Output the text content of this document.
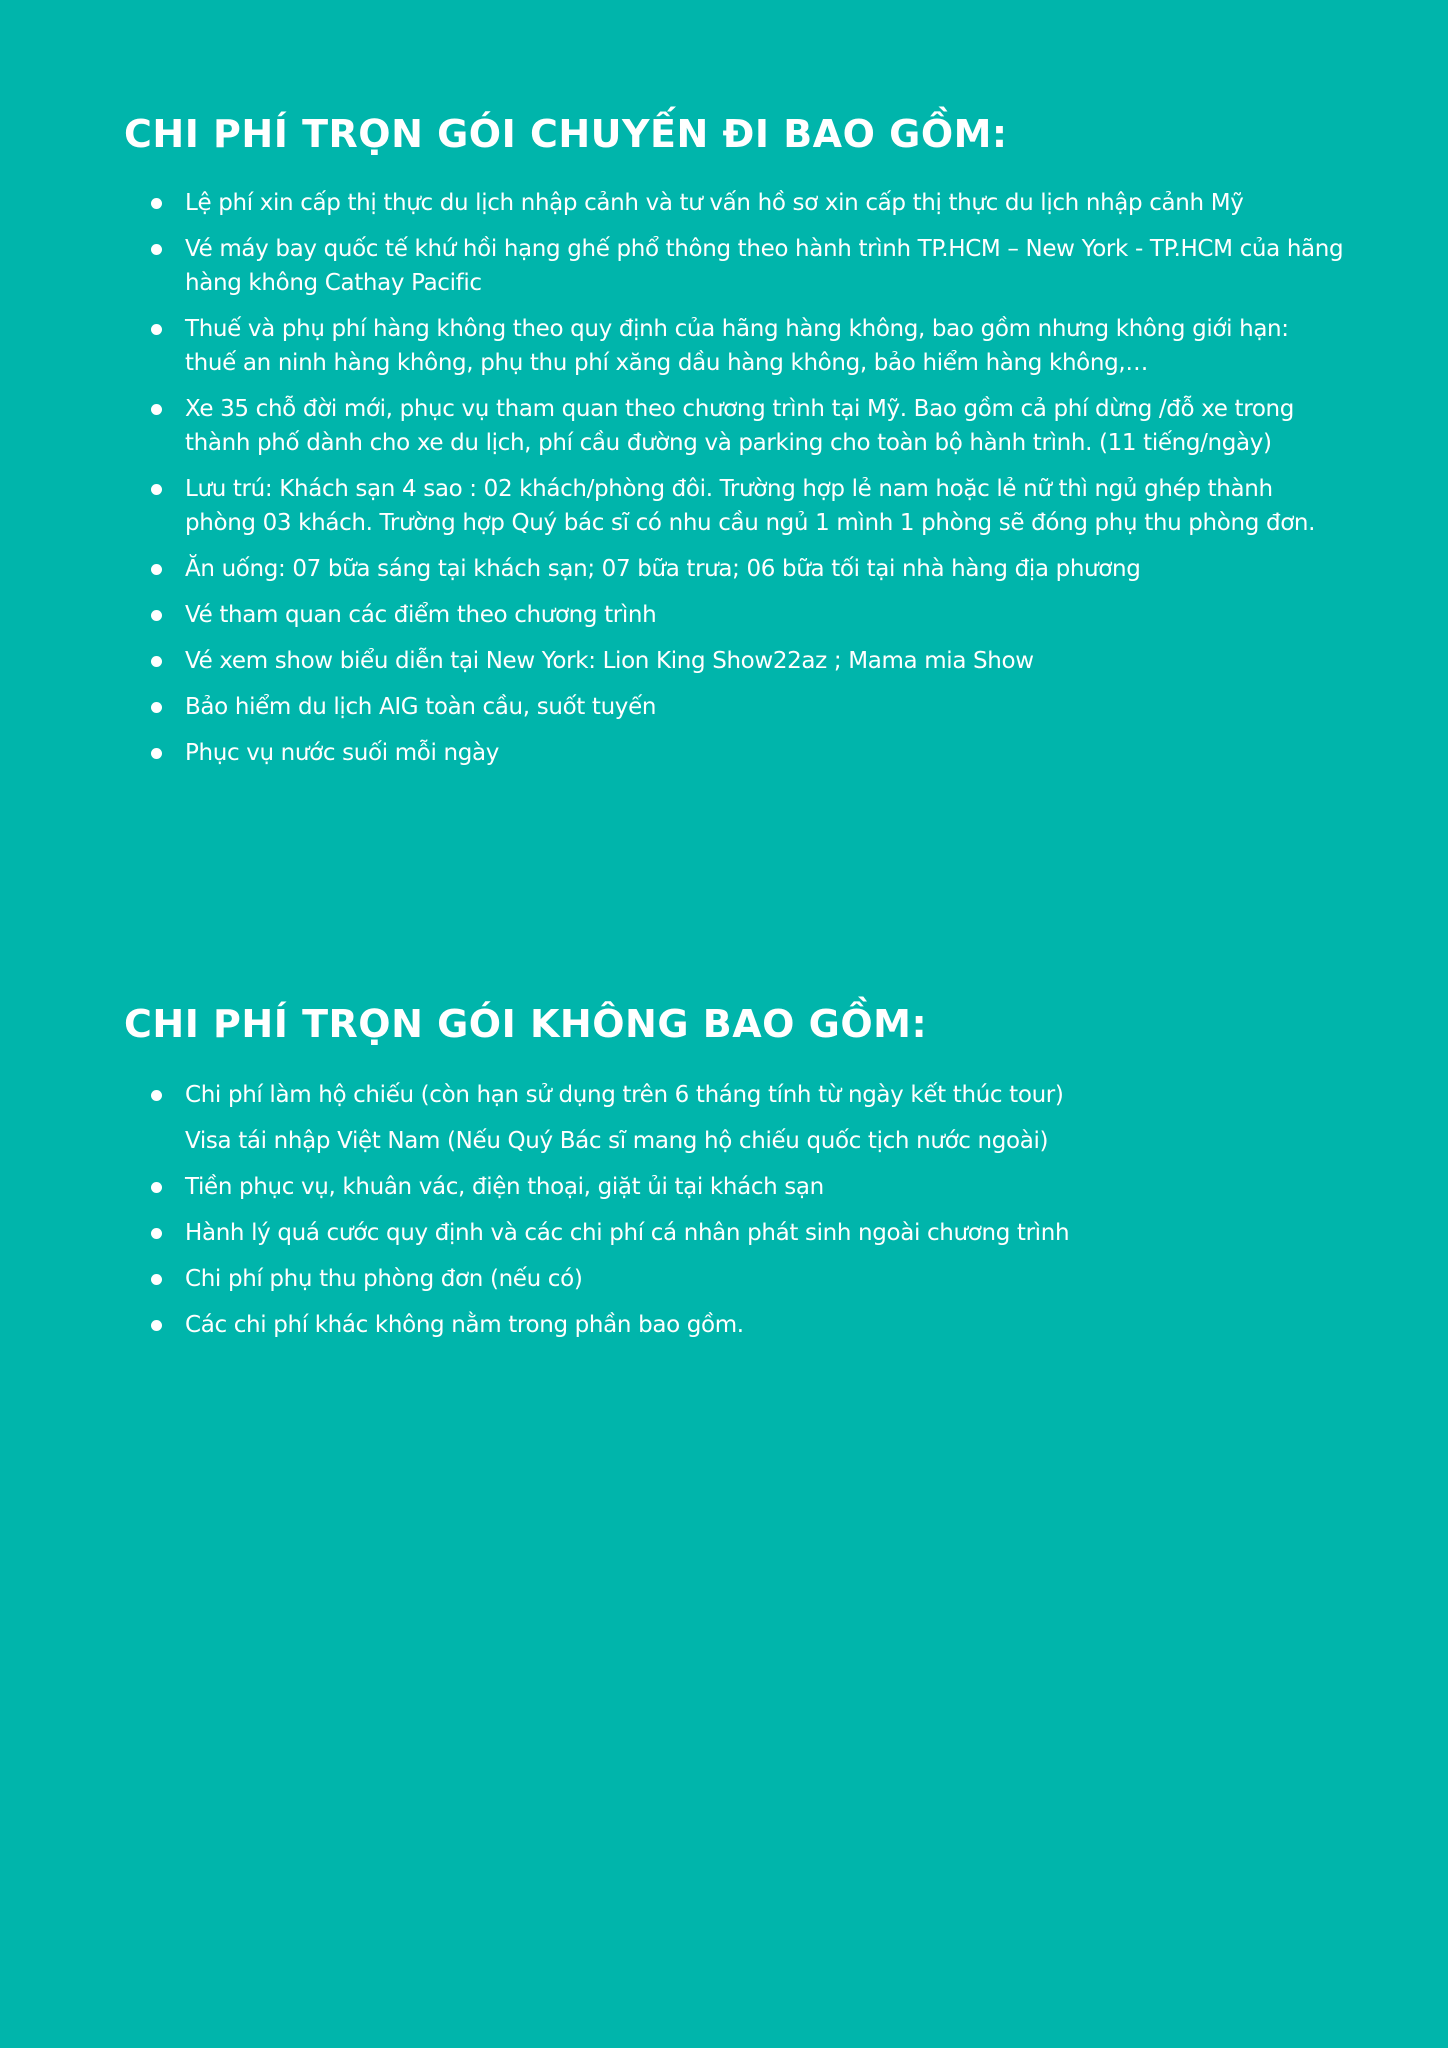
CHI PHÍ TRỌN GÓI CHUYẾN ĐI BAO GỒM:
Lệ phí xin cấp thị thực du lịch nhập cảnh và tư vấn hồ sơ xin cấp thị thực du lịch nhập cảnh Mỹ
Vé máy bay quốc tế khứ hồi hạng ghế phổ thông theo hành trình TP.HCM – New York - TP.HCM của hãng hàng không Cathay Pacific
Thuế và phụ phí hàng không theo quy định của hãng hàng không, bao gồm nhưng không giới hạn: thuế an ninh hàng không, phụ thu phí xăng dầu hàng không, bảo hiểm hàng không,…
Xe 35 chỗ đời mới, phục vụ tham quan theo chương trình tại Mỹ. Bao gồm cả phí dừng /đỗ xe trong thành phố dành cho xe du lịch, phí cầu đường và parking cho toàn bộ hành trình. (11 tiếng/ngày)
Lưu trú: Khách sạn 4 sao : 02 khách/phòng đôi. Trường hợp lẻ nam hoặc lẻ nữ thì ngủ ghép thành phòng 03 khách. Trường hợp Quý bác sĩ có nhu cầu ngủ 1 mình 1 phòng sẽ đóng phụ thu phòng đơn.
Ăn uống: 07 bữa sáng tại khách sạn; 07 bữa trưa; 06 bữa tối tại nhà hàng địa phương
Vé tham quan các điểm theo chương trình
Vé xem show biểu diễn tại New York: Lion King Show22az ; Mama mia Show
Bảo hiểm du lịch AIG toàn cầu, suốt tuyến
Phục vụ nước suối mỗi ngày
CHI PHÍ TRỌN GÓI KHÔNG BAO GỒM:
Chi phí làm hộ chiếu (còn hạn sử dụng trên 6 tháng tính từ ngày kết thúc tour)
Visa tái nhập Việt Nam (Nếu Quý Bác sĩ mang hộ chiếu quốc tịch nước ngoài)
Tiền phục vụ, khuân vác, điện thoại, giặt ủi tại khách sạn
Hành lý quá cước quy định và các chi phí cá nhân phát sinh ngoài chương trình
Chi phí phụ thu phòng đơn (nếu có)
Các chi phí khác không nằm trong phần bao gồm.
